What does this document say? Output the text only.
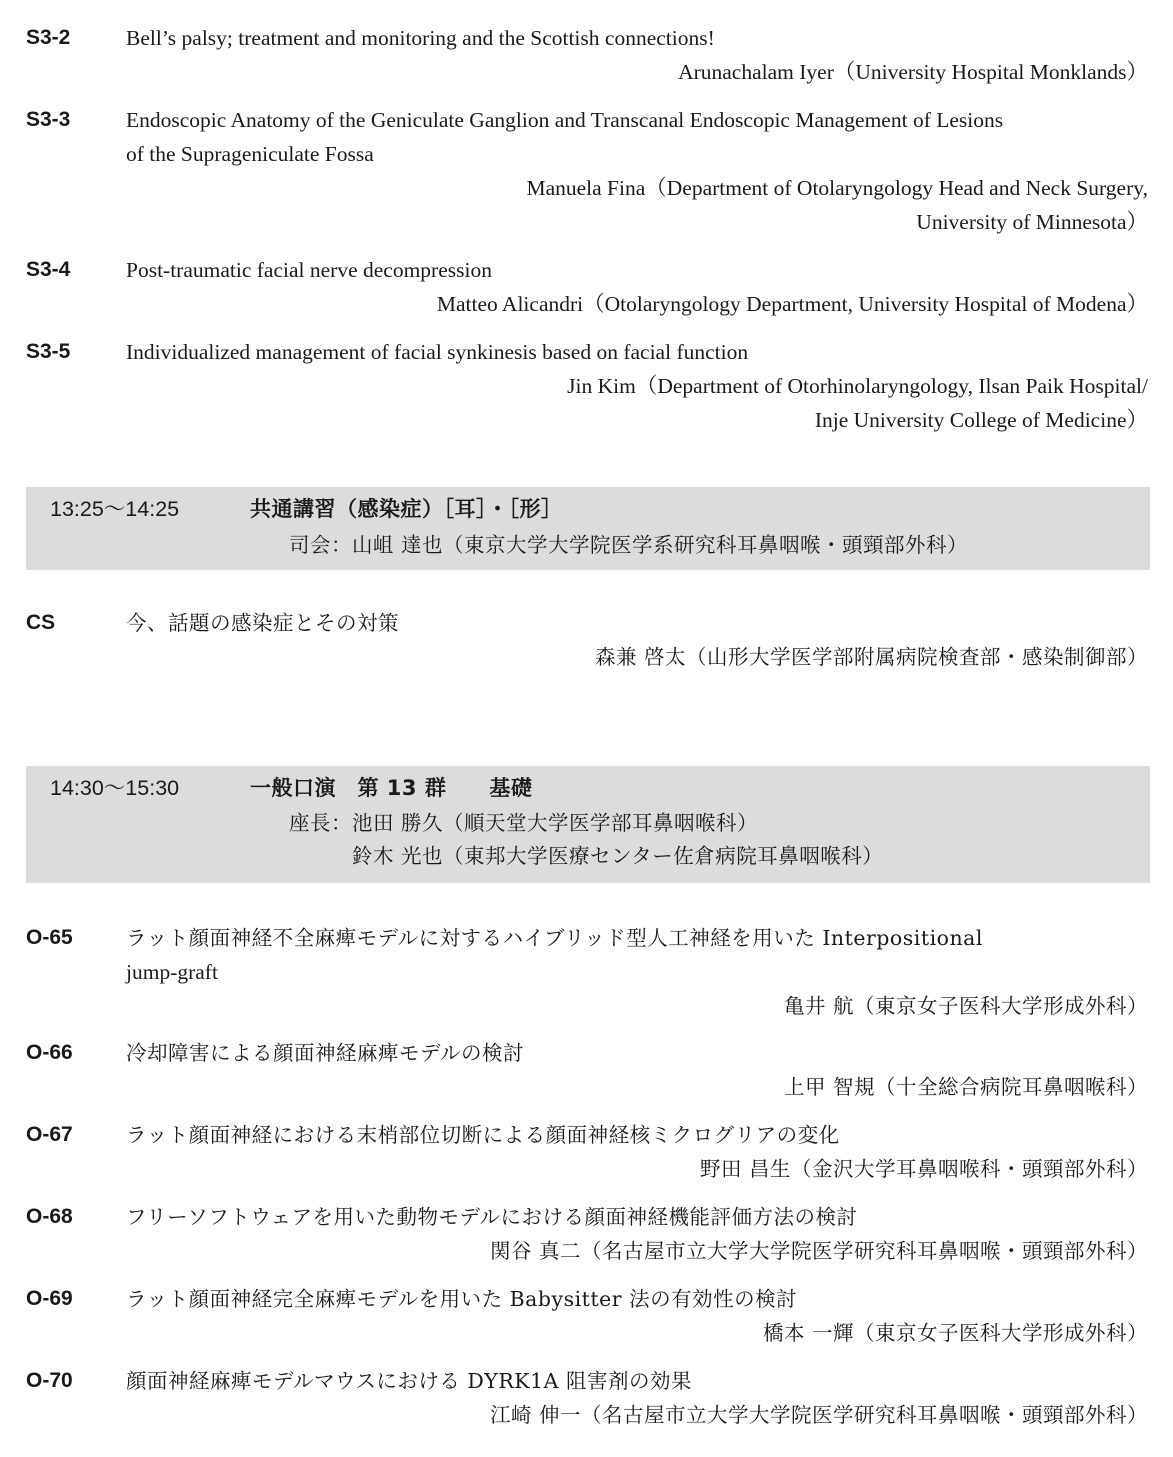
S3-2	Bell’s palsy; treatment and monitoring and the Scottish connections!
Arunachalam Iyer（University Hospital Monklands）
S3-3	Endoscopic Anatomy of the Geniculate Ganglion and Transcanal Endoscopic Management of Lesions
of the Suprageniculate Fossa
Manuela Fina（Department of Otolaryngology Head and Neck Surgery,
University of Minnesota）
S3-4	Post-traumatic facial nerve decompression
Matteo Alicandri（Otolaryngology Department, University Hospital of Modena）
S3-5	Individualized management of facial synkinesis based on facial function
Jin Kim（Department of Otorhinolaryngology, Ilsan Paik Hospital/
Inje University College of Medicine）
13:25～14:25	共通講習（感染症）［耳］・［形］
司会：山岨 達也（東京大学大学院医学系研究科耳鼻咽喉・頭頸部外科）
CS	今、話題の感染症とその対策
森兼 啓太（山形大学医学部附属病院検査部・感染制御部）
14:30～15:30	一般口演　第 13 群　　基礎
座長：池田 勝久（順天堂大学医学部耳鼻咽喉科）
　　　鈴木 光也（東邦大学医療センター佐倉病院耳鼻咽喉科）
O-65	ラット顔面神経不全麻痺モデルに対するハイブリッド型人工神経を用いた Interpositional
jump-graft
亀井 航（東京女子医科大学形成外科）
O-66	冷却障害による顔面神経麻痺モデルの検討
上甲 智規（十全総合病院耳鼻咽喉科）
O-67	ラット顔面神経における末梢部位切断による顔面神経核ミクログリアの変化
野田 昌生（金沢大学耳鼻咽喉科・頭頸部外科）
O-68	フリーソフトウェアを用いた動物モデルにおける顔面神経機能評価方法の検討
関谷 真二（名古屋市立大学大学院医学研究科耳鼻咽喉・頭頸部外科）
O-69	ラット顔面神経完全麻痺モデルを用いた Babysitter 法の有効性の検討
橋本 一輝（東京女子医科大学形成外科）
O-70	顔面神経麻痺モデルマウスにおける DYRK1A 阻害剤の効果
江崎 伸一（名古屋市立大学大学院医学研究科耳鼻咽喉・頭頸部外科）
